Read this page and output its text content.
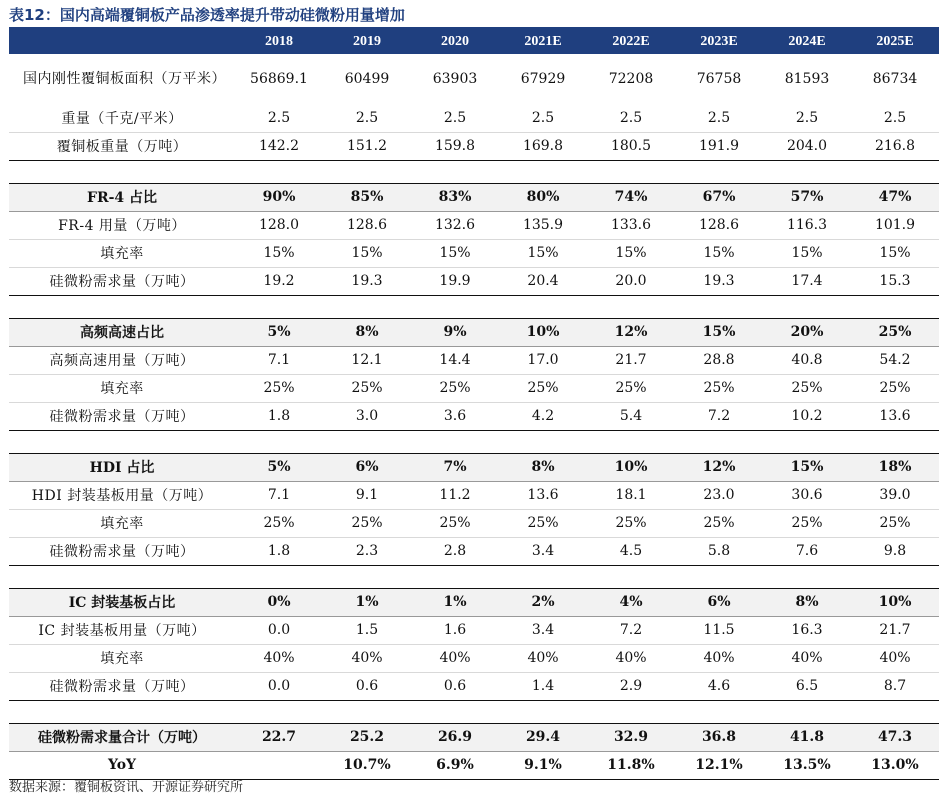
表12：国内高端覆铜板产品渗透率提升带动硅微粉用量增加
	2018	2019	2020	2021E	2022E	2023E	2024E	2025E
国内刚性覆铜板面积（万平米）	56869.1	60499	63903	67929	72208	76758	81593	86734
重量（千克/平米）	2.5	2.5	2.5	2.5	2.5	2.5	2.5	2.5
覆铜板重量（万吨）	142.2	151.2	159.8	169.8	180.5	191.9	204.0	216.8

FR-4 占比	90%	85%	83%	80%	74%	67%	57%	47%
FR-4 用量（万吨）	128.0	128.6	132.6	135.9	133.6	128.6	116.3	101.9
填充率	15%	15%	15%	15%	15%	15%	15%	15%
硅微粉需求量（万吨）	19.2	19.3	19.9	20.4	20.0	19.3	17.4	15.3

高频高速占比	5%	8%	9%	10%	12%	15%	20%	25%
高频高速用量（万吨）	7.1	12.1	14.4	17.0	21.7	28.8	40.8	54.2
填充率	25%	25%	25%	25%	25%	25%	25%	25%
硅微粉需求量（万吨）	1.8	3.0	3.6	4.2	5.4	7.2	10.2	13.6

HDI 占比	5%	6%	7%	8%	10%	12%	15%	18%
HDI 封装基板用量（万吨）	7.1	9.1	11.2	13.6	18.1	23.0	30.6	39.0
填充率	25%	25%	25%	25%	25%	25%	25%	25%
硅微粉需求量（万吨）	1.8	2.3	2.8	3.4	4.5	5.8	7.6	9.8

IC 封装基板占比	0%	1%	1%	2%	4%	6%	8%	10%
IC 封装基板用量（万吨）	0.0	1.5	1.6	3.4	7.2	11.5	16.3	21.7
填充率	40%	40%	40%	40%	40%	40%	40%	40%
硅微粉需求量（万吨）	0.0	0.6	0.6	1.4	2.9	4.6	6.5	8.7

硅微粉需求量合计（万吨）	22.7	25.2	26.9	29.4	32.9	36.8	41.8	47.3
YoY		10.7%	6.9%	9.1%	11.8%	12.1%	13.5%	13.0%
数据来源：覆铜板资讯、开源证券研究所
